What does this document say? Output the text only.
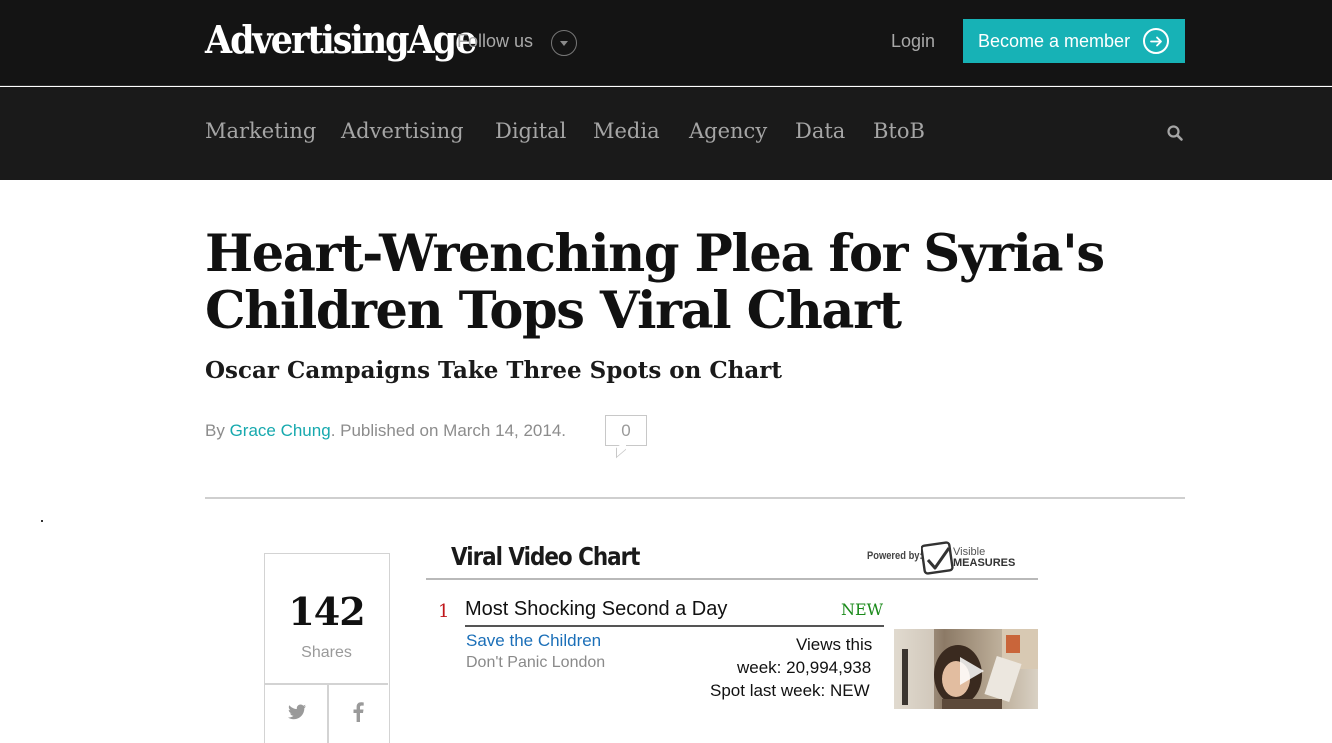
AdvertisingAge
Follow us	Login	Become a member
Marketing Advertising Digital Media Agency Data BtoB
Heart-Wrenching Plea for Syria's Children Tops Viral Chart
Oscar Campaigns Take Three Spots on Chart
By Grace Chung. Published on March 14, 2014.	0
142
Shares
Viral Video Chart	Powered by:	Visible
MEASURES
1 Most Shocking Second a Day	NEW
Save the Children
Don't Panic London
Views this
week: 20,994,938
Spot last week: NEW
